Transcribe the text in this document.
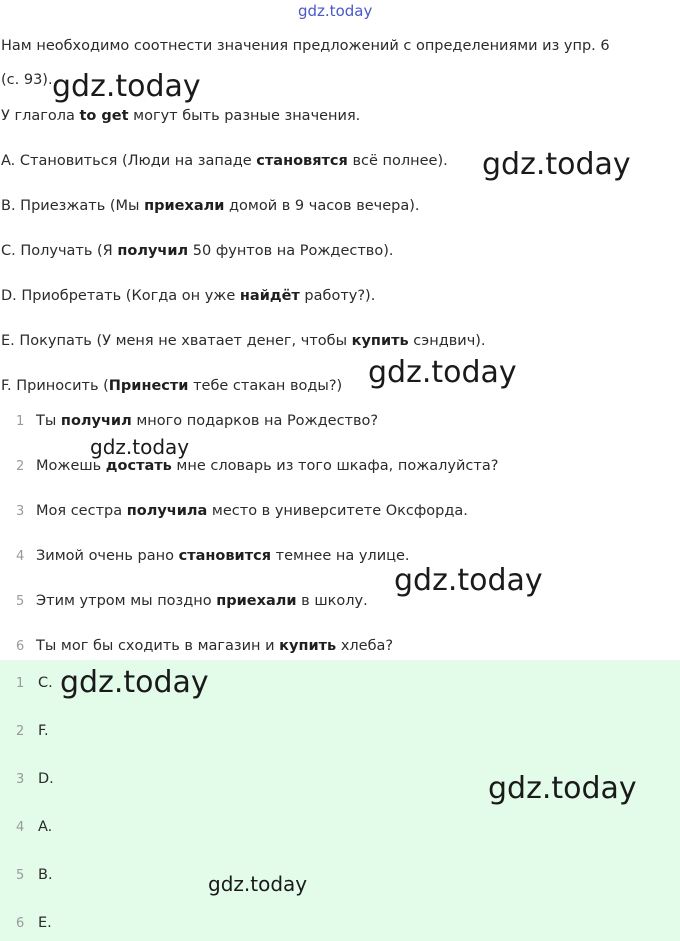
gdz.today
gdz.today
gdz.today
gdz.today
gdz.today
gdz.today
Нам необходимо соотнести значения предложений с определениями из упр. 6
(с. 93).
У глагола to get могут быть разные значения.
A. Становиться (Люди на западе становятся всё полнее).
B. Приезжать (Мы приехали домой в 9 часов вечера).
C. Получать (Я получил 50 фунтов на Рождество).
D. Приобретать (Когда он уже найдёт работу?).
E. Покупать (У меня не хватает денег, чтобы купить сэндвич).
F. Приносить (Принести тебе стакан воды?)
1 Ты получил много подарков на Рождество?
2 Можешь достать мне словарь из того шкафа, пожалуйста?
3 Моя сестра получила место в университете Оксфорда.
4 Зимой очень рано становится темнее на улице.
5 Этим утром мы поздно приехали в школу.
6 Ты мог бы сходить в магазин и купить хлеба?
1 C.
2 F.
3 D.
4 A.
5 B.
6 E.
gdz.today
gdz.today
gdz.today
